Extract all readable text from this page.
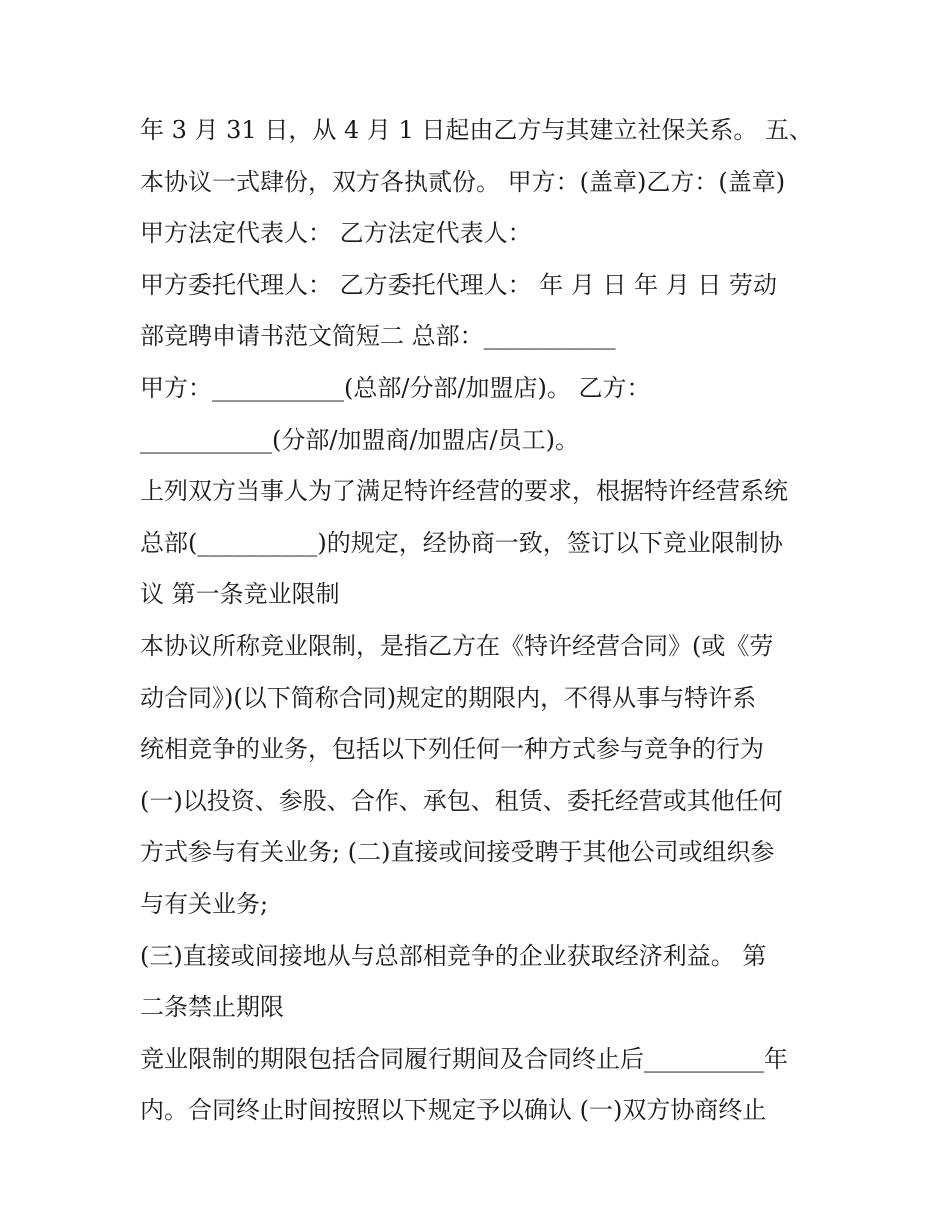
年 3 月 31 日，从 4 月 1 日起由乙方与其建立社保关系。 五、
本协议一式肆份，双方各执贰份。 甲方：(盖章)乙方：(盖章)
甲方法定代表人： 乙方法定代表人：
甲方委托代理人： 乙方委托代理人： 年 月 日 年 月 日 劳动
部竞聘申请书范文简短二 总部：___________
甲方：___________(总部/分部/加盟店)。 乙方：
___________(分部/加盟商/加盟店/员工)。
上列双方当事人为了满足特许经营的要求，根据特许经营系统
总部(__________)的规定，经协商一致，签订以下竞业限制协
议 第一条竞业限制
本协议所称竞业限制，是指乙方在《特许经营合同》(或《劳
动合同》)(以下简称合同)规定的期限内，不得从事与特许系
统相竞争的业务，包括以下列任何一种方式参与竞争的行为
(一)以投资、参股、合作、承包、租赁、委托经营或其他任何
方式参与有关业务; (二)直接或间接受聘于其他公司或组织参
与有关业务;
(三)直接或间接地从与总部相竞争的企业获取经济利益。 第
二条禁止期限
竞业限制的期限包括合同履行期间及合同终止后__________年
内。合同终止时间按照以下规定予以确认 (一)双方协商终止
